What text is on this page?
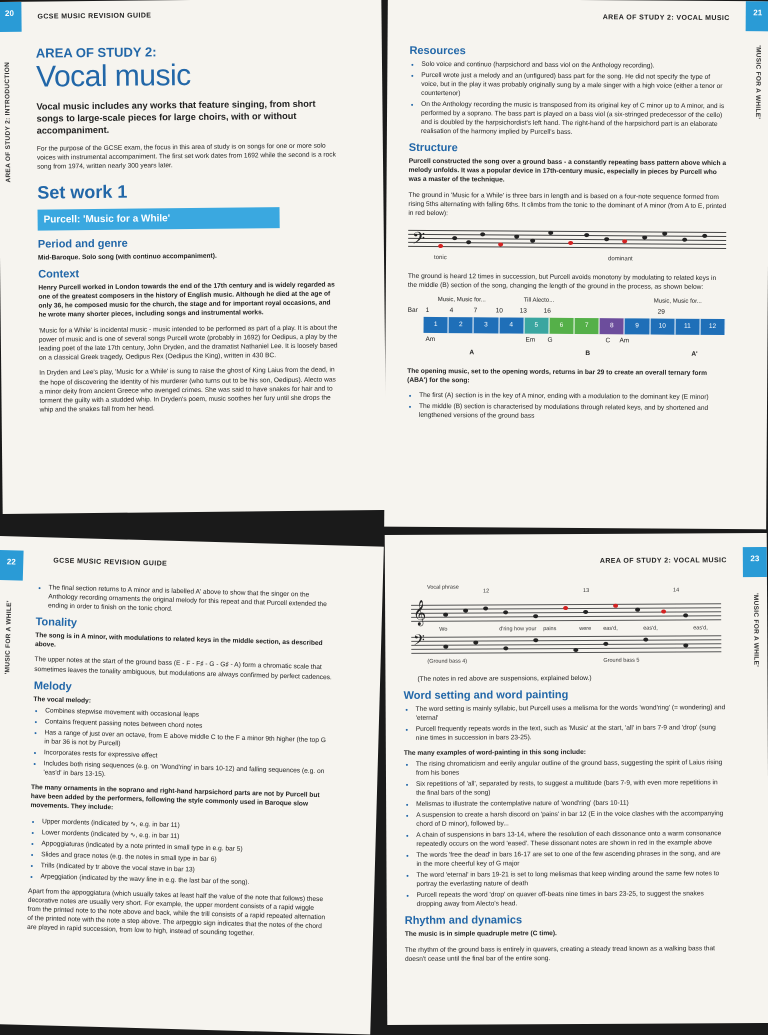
20
AREA OF STUDY 2: INTRODUCTION
GCSE MUSIC REVISION GUIDE
AREA OF STUDY 2:
Vocal music

Vocal music includes any works that feature singing, from short songs to large-scale pieces for large choirs, with or without accompaniment.

For the purpose of the GCSE exam, the focus in this area of study is on songs for one or more solo voices with instrumental accompaniment. The first set work dates from 1692 while the second is a rock song from 1974, written nearly 300 years later.

Set work 1
Purcell: 'Music for a While'
Period and genre

Mid-Baroque. Solo song (with continuo accompaniment).

Context

Henry Purcell worked in London towards the end of the 17th century and is widely regarded as one of the greatest composers in the history of English music. Although he died at the age of only 36, he composed music for the church, the stage and for important royal occasions, and he wrote many shorter pieces, including songs and instrumental works.

'Music for a While' is incidental music - music intended to be performed as part of a play. It is about the power of music and is one of several songs Purcell wrote (probably in 1692) for Oedipus, a play by the leading poet of the late 17th century, John Dryden, and the dramatist Nathaniel Lee. It is loosely based on a classical Greek tragedy, Oedipus Rex (Oedipus the King), written in 430 BC.

In Dryden and Lee's play, 'Music for a While' is sung to raise the ghost of King Laius from the dead, in the hope of discovering the identity of his murderer (who turns out to be his son, Oedipus). Alecto was a minor deity from ancient Greece who avenged crimes. She was said to have snakes for hair and to torment the guilty with a studded whip. In Dryden's poem, music soothes her fury until she drops the whip and the snakes fall from her head.

21
'MUSIC FOR A WHILE'
AREA OF STUDY 2: VOCAL MUSIC
Resources
• Solo voice and continuo (harpsichord and bass viol on the Anthology recording).
• Purcell wrote just a melody and an (unfigured) bass part for the song. He did not specify the type of voice, but in the play it was probably originally sung by a male singer with a high voice (either a tenor or countertenor)
• On the Anthology recording the music is transposed from its original key of C minor up to A minor, and is performed by a soprano. The bass part is played on a bass viol (a six-stringed predecessor of the cello) and is doubled by the harpsichordist's left hand. The right-hand of the harpsichord part is an elaborate realisation of the harmony implied by Purcell's bass.
Structure

Purcell constructed the song over a ground bass - a constantly repeating bass pattern above which a melody unfolds. It was a popular device in 17th-century music, especially in pieces by Purcell who was a master of the technique.

The ground in 'Music for a While' is three bars in length and is based on a four-note sequence formed from rising 5ths alternating with falling 6ths. It climbs from the tonic to the dominant of A minor (from A to E, printed in red below):

𝄢
tonic	dominant

The ground is heard 12 times in succession, but Purcell avoids monotony by modulating to related keys in the middle (B) section of the song, changing the length of the ground in the process, as shown below:

Music, Music for...	Till Alecto...	Music, Music for...
Bar 1	4	7	10	13	16	29
1	2	3	4	5	6	7	8	9	10	11	12
Am	Em G	C Am
A	B	A'

The opening music, set to the opening words, returns in bar 29 to create an overall ternary form (ABA') for the song:

• The first (A) section is in the key of A minor, ending with a modulation to the dominant key (E minor)
• The middle (B) section is characterised by modulations through related keys, and by shortened and lengthened versions of the ground bass
22
'MUSIC FOR A WHILE'
GCSE MUSIC REVISION GUIDE
• The final section returns to A minor and is labelled A' above to show that the singer on the Anthology recording ornaments the original melody for this repeat and that Purcell extended the ending in order to finish on the tonic chord.
Tonality

The song is in A minor, with modulations to related keys in the middle section, as described above.

The upper notes at the start of the ground bass (E - F - F♯ - G - G♯ - A) form a chromatic scale that sometimes leaves the tonality ambiguous, but modulations are always confirmed by perfect cadences.

Melody

The vocal melody:

• Combines stepwise movement with occasional leaps
• Contains frequent passing notes between chord notes
• Has a range of just over an octave, from E above middle C to the F a minor 9th higher (the top G in bar 36 is not by Purcell)
• Incorporates rests for expressive effect
• Includes both rising sequences (e.g. on 'Wond'ring' in bars 10-12) and falling sequences (e.g. on 'eas'd' in bars 13-15).

The many ornaments in the soprano and right-hand harpsichord parts are not by Purcell but have been added by the performers, following the style commonly used in Baroque slow movements. They include:

• Upper mordents (indicated by ∿, e.g. in bar 11)
• Lower mordents (indicated by ∿, e.g. in bar 11)
• Appoggiaturas (indicated by a note printed in small type in e.g. bar 5)
• Slides and grace notes (e.g. the notes in small type in bar 6)
• Trills (indicated by tr above the vocal stave in bar 13)
• Arpeggiation (indicated by the wavy line in e.g. the last bar of the song).

Apart from the appoggiatura (which usually takes at least half the value of the note that follows) these decorative notes are usually very short. For example, the upper mordent consists of a rapid wiggle from the printed note to the note above and back, while the trill consists of a rapid repeated alternation of the printed note with the note a step above. The arpeggio sign indicates that the notes of the chord are played in rapid succession, from low to high, instead of sounding together.

23
'MUSIC FOR A WHILE'
AREA OF STUDY 2: VOCAL MUSIC
Vocal phrase
12	13	14
𝄞
Wo	d'ring how your pains	were eas'd,	eas'd,	eas'd,
𝄢
(Ground bass 4)	Ground bass 5

(The notes in red above are suspensions, explained below.)

Word setting and word painting
• The word setting is mainly syllabic, but Purcell uses a melisma for the words 'wond'ring' (= wondering) and 'eternal'
• Purcell frequently repeats words in the text, such as 'Music' at the start, 'all' in bars 7-9 and 'drop' (sung nine times in succession in bars 23-25).

The many examples of word-painting in this song include:

• The rising chromaticism and eerily angular outline of the ground bass, suggesting the spirit of Laius rising from his bones
• Six repetitions of 'all', separated by rests, to suggest a multitude (bars 7-9, with even more repetitions in the final bars of the song)
• Melismas to illustrate the contemplative nature of 'wond'ring' (bars 10-11)
• A suspension to create a harsh discord on 'pains' in bar 12 (E in the voice clashes with the accompanying chord of D minor), followed by...
• A chain of suspensions in bars 13-14, where the resolution of each dissonance onto a warm consonance repeatedly occurs on the word 'eased'. These dissonant notes are shown in red in the example above
• The words 'free the dead' in bars 16-17 are set to one of the few ascending phrases in the song, and are in the more cheerful key of G major
• The word 'eternal' in bars 19-21 is set to long melismas that keep winding around the same few notes to portray the everlasting nature of death
• Purcell repeats the word 'drop' on quaver off-beats nine times in bars 23-25, to suggest the snakes dropping away from Alecto's head.
Rhythm and dynamics

The music is in simple quadruple metre (C time).

The rhythm of the ground bass is entirely in quavers, creating a steady tread known as a walking bass that doesn't cease until the final bar of the entire song.
